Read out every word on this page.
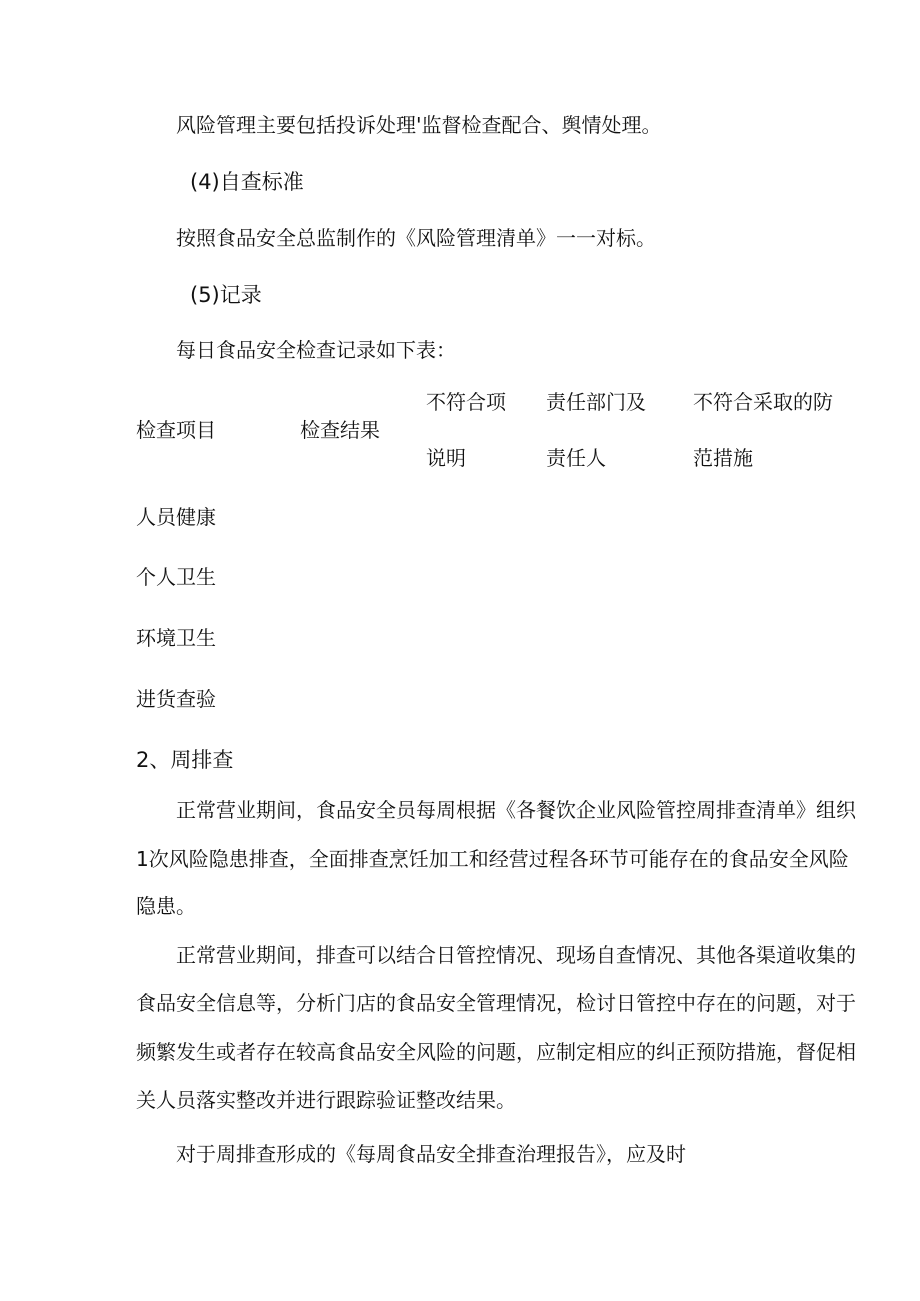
风险管理主要包括投诉处理'监督检查配合、舆情处理。

(4)自查标准

按照食品安全总监制作的《风险管理清单》一一对标。

(5)记录

每日食品安全检查记录如下表：

检查项目	检查结果

不符合项

说明

责任部门及

责任人

不符合采取的防

范措施

人员健康

个人卫生

环境卫生

进货查验

2、周排查

正常营业期间，食品安全员每周根据《各餐饮企业风险管控周排查清单》组织

1次风险隐患排查，全面排查烹饪加工和经营过程各环节可能存在的食品安全风险

隐患。

正常营业期间，排查可以结合日管控情况、现场自查情况、其他各渠道收集的

食品安全信息等，分析门店的食品安全管理情况，检讨日管控中存在的问题，对于

频繁发生或者存在较高食品安全风险的问题，应制定相应的纠正预防措施，督促相

关人员落实整改并进行跟踪验证整改结果。

对于周排查形成的《每周食品安全排查治理报告》，应及时
